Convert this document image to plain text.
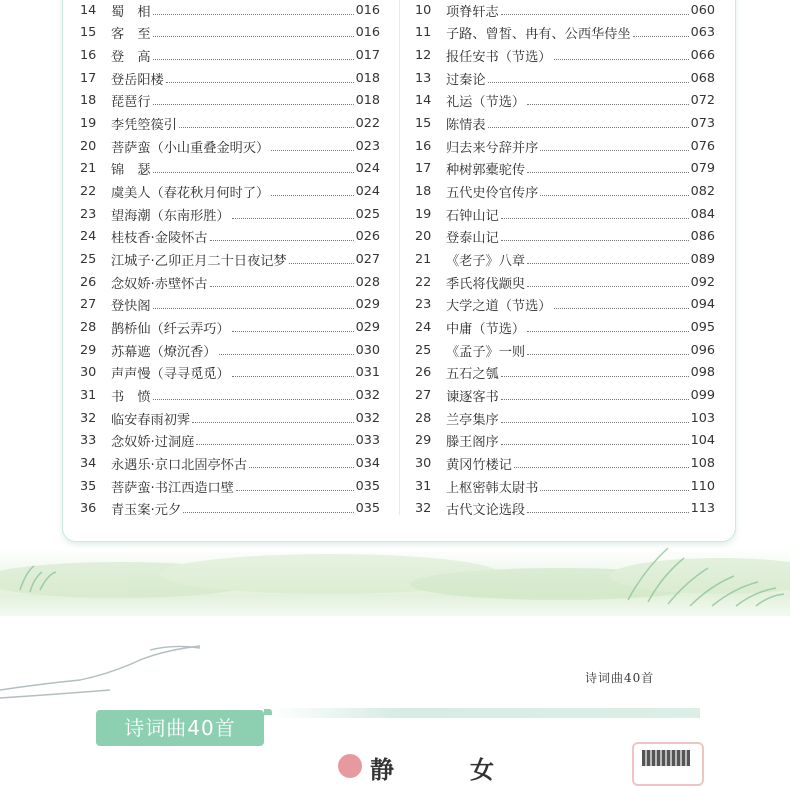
14	蜀　相	016
15	客　至	016
16	登　高	017
17	登岳阳楼	018
18	琵琶行	018
19	李凭箜篌引	022
20	菩萨蛮（小山重叠金明灭）	023
21	锦　瑟	024
22	虞美人（春花秋月何时了）	024
23	望海潮（东南形胜）	025
24	桂枝香·金陵怀古	026
25	江城子·乙卯正月二十日夜记梦	027
26	念奴娇·赤壁怀古	028
27	登快阁	029
28	鹊桥仙（纤云弄巧）	029
29	苏幕遮（燎沉香）	030
30	声声慢（寻寻觅觅）	031
31	书　愤	032
32	临安春雨初霁	032
33	念奴娇·过洞庭	033
34	永遇乐·京口北固亭怀古	034
35	菩萨蛮·书江西造口壁	035
36	青玉案·元夕	035
10	项脊轩志	060
11	子路、曾皙、冉有、公西华侍坐	063
12	报任安书（节选）	066
13	过秦论	068
14	礼运（节选）	072
15	陈情表	073
16	归去来兮辞并序	076
17	种树郭橐驼传	079
18	五代史伶官传序	082
19	石钟山记	084
20	登泰山记	086
21	《老子》八章	089
22	季氏将伐颛臾	092
23	大学之道（节选）	094
24	中庸（节选）	095
25	《孟子》一则	096
26	五石之瓠	098
27	谏逐客书	099
28	兰亭集序	103
29	滕王阁序	104
30	黄冈竹楼记	108
31	上枢密韩太尉书	110
32	古代文论选段	113
诗词曲40首
诗词曲40首
静　女
